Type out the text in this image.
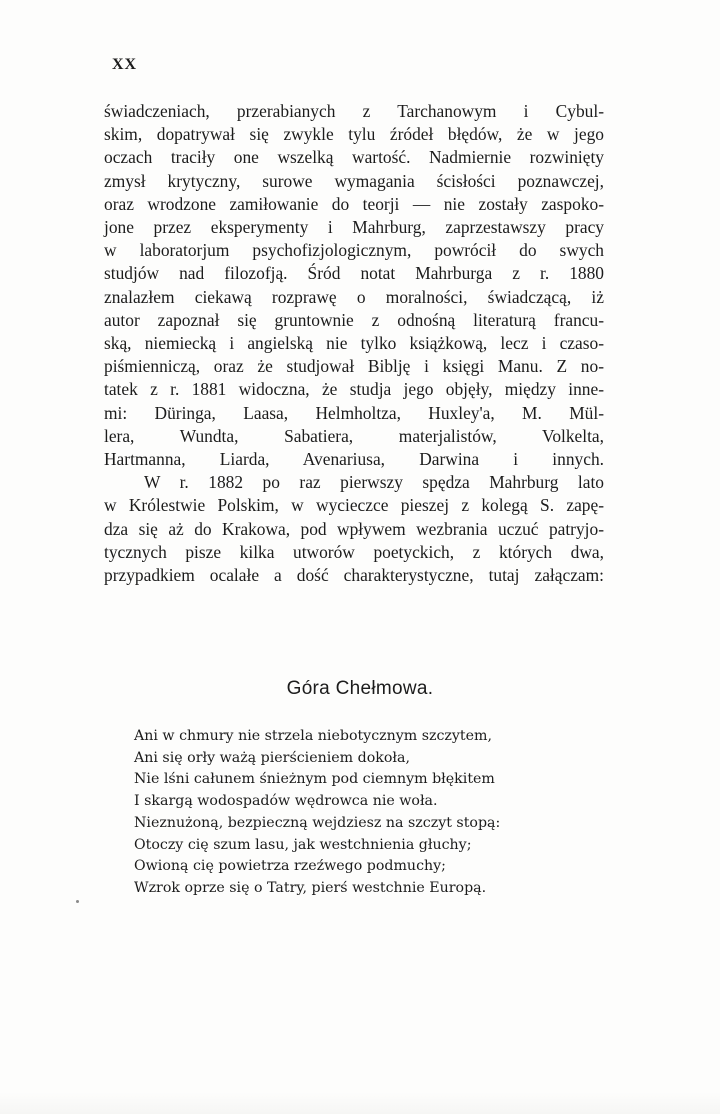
XX
świadczeniach, przerabianych z Tarchanowym i Cybul-
skim, dopatrywał się zwykle tylu źródeł błędów, że w jego
oczach traciły one wszelką wartość. Nadmiernie rozwinięty
zmysł krytyczny, surowe wymagania ścisłości poznawczej,
oraz wrodzone zamiłowanie do teorji — nie zostały zaspoko-
jone przez eksperymenty i Mahrburg, zaprzestawszy pracy
w laboratorjum psychofizjologicznym, powrócił do swych
studjów nad filozofją. Śród notat Mahrburga z r. 1880
znalazłem ciekawą rozprawę o moralności, świadczącą, iż
autor zapoznał się gruntownie z odnośną literaturą francu-
ską, niemiecką i angielską nie tylko książkową, lecz i czaso-
piśmienniczą, oraz że studjował Biblję i księgi Manu. Z no-
tatek z r. 1881 widoczna, że studja jego objęły, między inne-
mi: Düringa, Laasa, Helmholtza, Huxley'a, M. Mül-
lera, Wundta, Sabatiera, materjalistów, Volkelta,
Hartmanna, Liarda, Avenariusa, Darwina i innych.
W r. 1882 po raz pierwszy spędza Mahrburg lato
w Królestwie Polskim, w wycieczce pieszej z kolegą S. zapę-
dza się aż do Krakowa, pod wpływem wezbrania uczuć patryjo-
tycznych pisze kilka utworów poetyckich, z których dwa,
przypadkiem ocalałe a dość charakterystyczne, tutaj załączam:
Góra Chełmowa.
Ani w chmury nie strzela niebotycznym szczytem,
Ani się orły ważą pierścieniem dokoła,
Nie lśni całunem śnieżnym pod ciemnym błękitem
I skargą wodospadów wędrowca nie woła.
Nieznużoną, bezpieczną wejdziesz na szczyt stopą:
Otoczy cię szum lasu, jak westchnienia głuchy;
Owioną cię powietrza rzeźwego podmuchy;
Wzrok oprze się o Tatry, pierś westchnie Europą.
